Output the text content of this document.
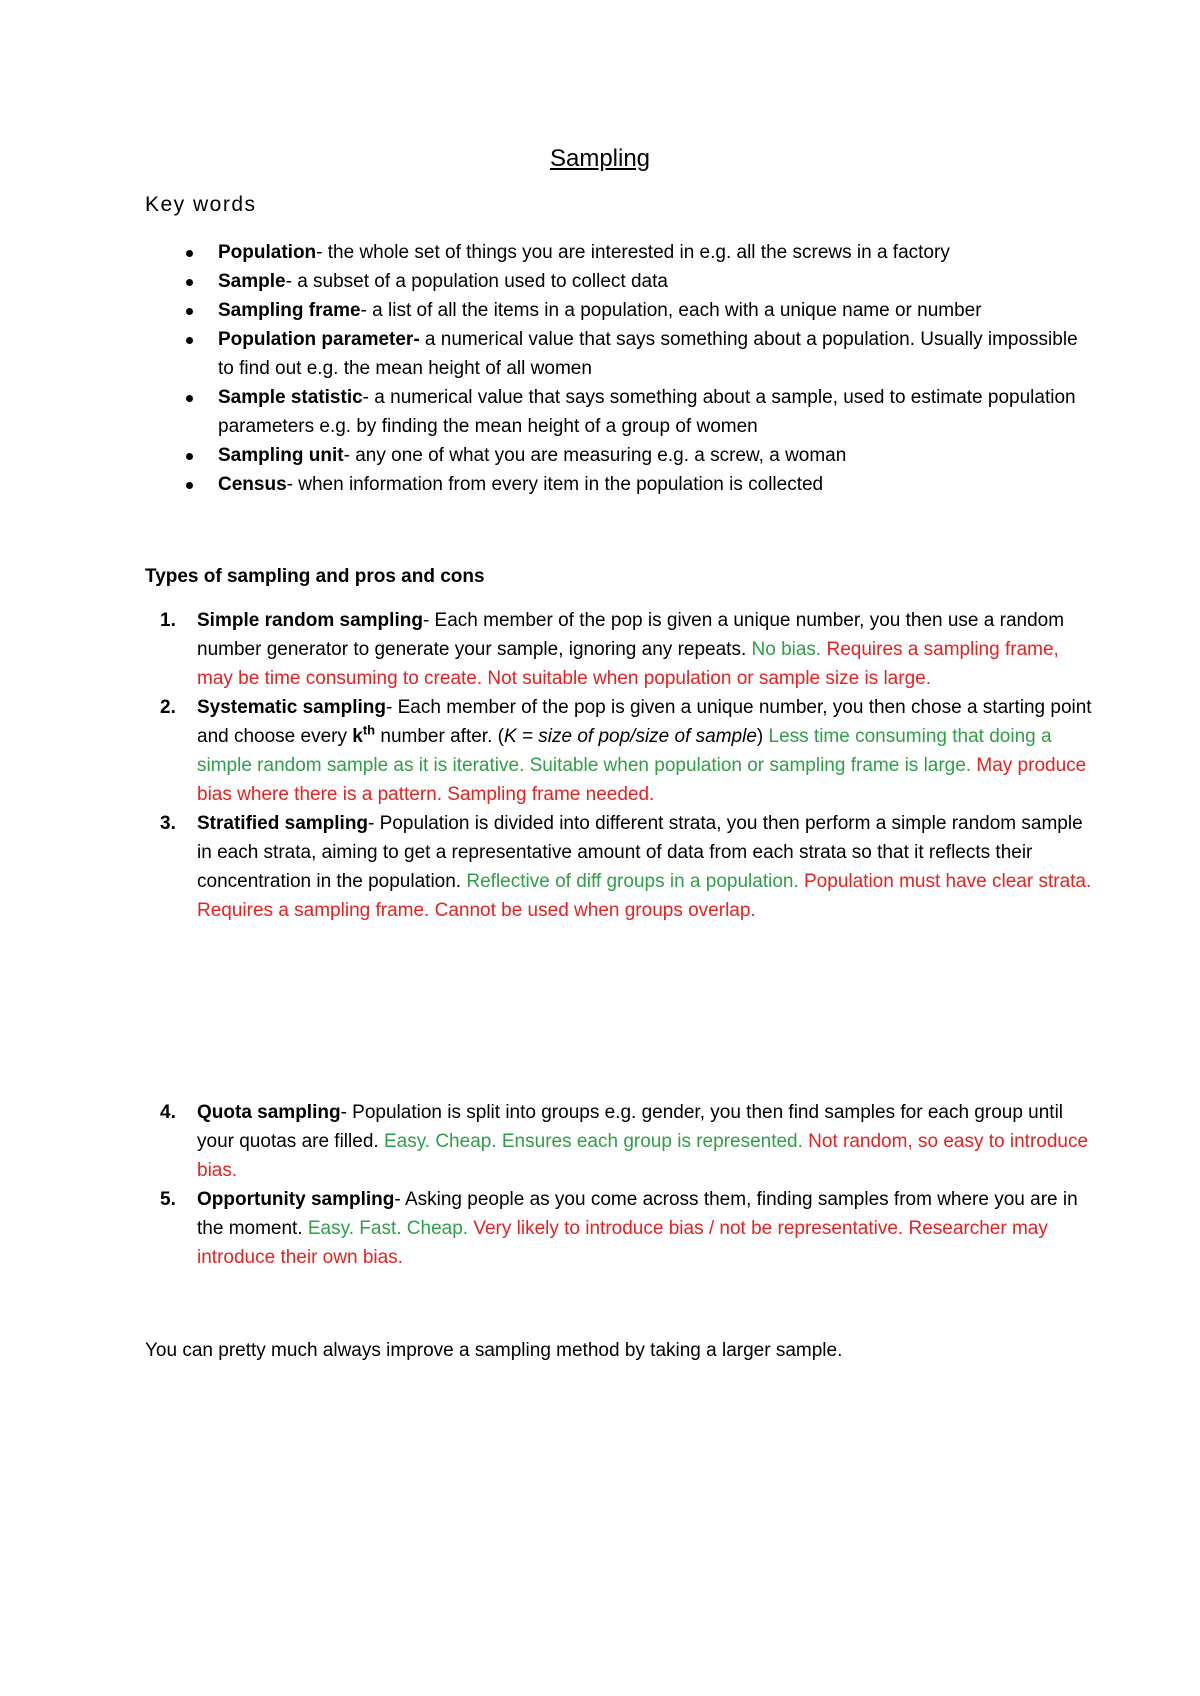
Sampling
Key words
Population- the whole set of things you are interested in e.g. all the screws in a factory
Sample- a subset of a population used to collect data
Sampling frame- a list of all the items in a population, each with a unique name or number
Population parameter- a numerical value that says something about a population. Usually impossible to find out e.g. the mean height of all women
Sample statistic- a numerical value that says something about a sample, used to estimate population parameters e.g. by finding the mean height of a group of women
Sampling unit- any one of what you are measuring e.g. a screw, a woman
Census- when information from every item in the population is collected
Types of sampling and pros and cons
1. Simple random sampling- Each member of the pop is given a unique number, you then use a random number generator to generate your sample, ignoring any repeats. No bias. Requires a sampling frame, may be time consuming to create. Not suitable when population or sample size is large.
2. Systematic sampling- Each member of the pop is given a unique number, you then chose a starting point and choose every $k^{th}$ number after. (K = size of pop/size of sample) Less time consuming that doing a simple random sample as it is iterative. Suitable when population or sampling frame is large. May produce bias where there is a pattern. Sampling frame needed.
3. Stratified sampling- Population is divided into different strata, you then perform a simple random sample in each strata, aiming to get a representative amount of data from each strata so that it reflects their concentration in the population. Reflective of diff groups in a population. Population must have clear strata. Requires a sampling frame. Cannot be used when groups overlap.
4. Quota sampling- Population is split into groups e.g. gender, you then find samples for each group until your quotas are filled. Easy. Cheap. Ensures each group is represented. Not random, so easy to introduce bias.
5. Opportunity sampling- Asking people as you come across them, finding samples from where you are in the moment. Easy. Fast. Cheap. Very likely to introduce bias / not be representative. Researcher may introduce their own bias.
You can pretty much always improve a sampling method by taking a larger sample.
